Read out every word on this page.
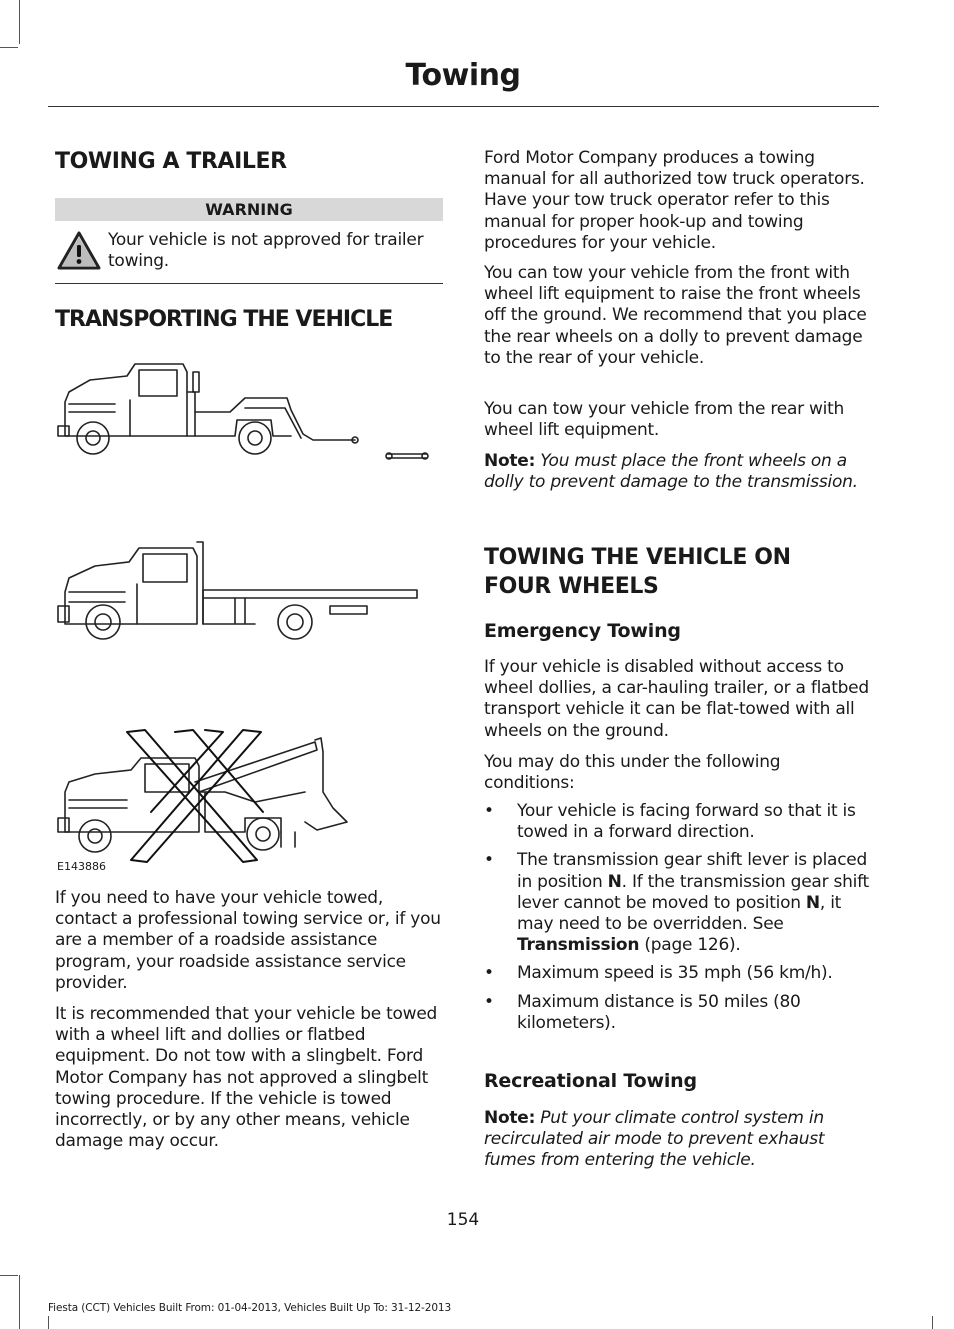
Towing
TOWING A TRAILER
WARNING

Your vehicle is not approved for trailer towing.

TRANSPORTING THE VEHICLE
E143886

If you need to have your vehicle towed, contact a professional towing service or, if you are a member of a roadside assistance program, your roadside assistance service provider.

It is recommended that your vehicle be towed with a wheel lift and dollies or flatbed equipment. Do not tow with a slingbelt. Ford Motor Company has not approved a slingbelt towing procedure. If the vehicle is towed incorrectly, or by any other means, vehicle damage may occur.

Ford Motor Company produces a towing manual for all authorized tow truck operators. Have your tow truck operator refer to this manual for proper hook-up and towing procedures for your vehicle.

You can tow your vehicle from the front with wheel lift equipment to raise the front wheels off the ground. We recommend that you place the rear wheels on a dolly to prevent damage to the rear of your vehicle.

You can tow your vehicle from the rear with wheel lift equipment.

Note: You must place the front wheels on a dolly to prevent damage to the transmission.

TOWING THE VEHICLE ON FOUR WHEELS
Emergency Towing

If your vehicle is disabled without access to wheel dollies, a car-hauling trailer, or a flatbed transport vehicle it can be flat-towed with all wheels on the ground.

You may do this under the following conditions:

• Your vehicle is facing forward so that it is towed in a forward direction.
• The transmission gear shift lever is placed in position N. If the transmission gear shift lever cannot be moved to position N, it may need to be overridden. See Transmission (page 126).
• Maximum speed is 35 mph (56 km/h).
• Maximum distance is 50 miles (80 kilometers).
Recreational Towing

Note: Put your climate control system in recirculated air mode to prevent exhaust fumes from entering the vehicle.

154
Fiesta (CCT) Vehicles Built From: 01-04-2013, Vehicles Built Up To: 31-12-2013
